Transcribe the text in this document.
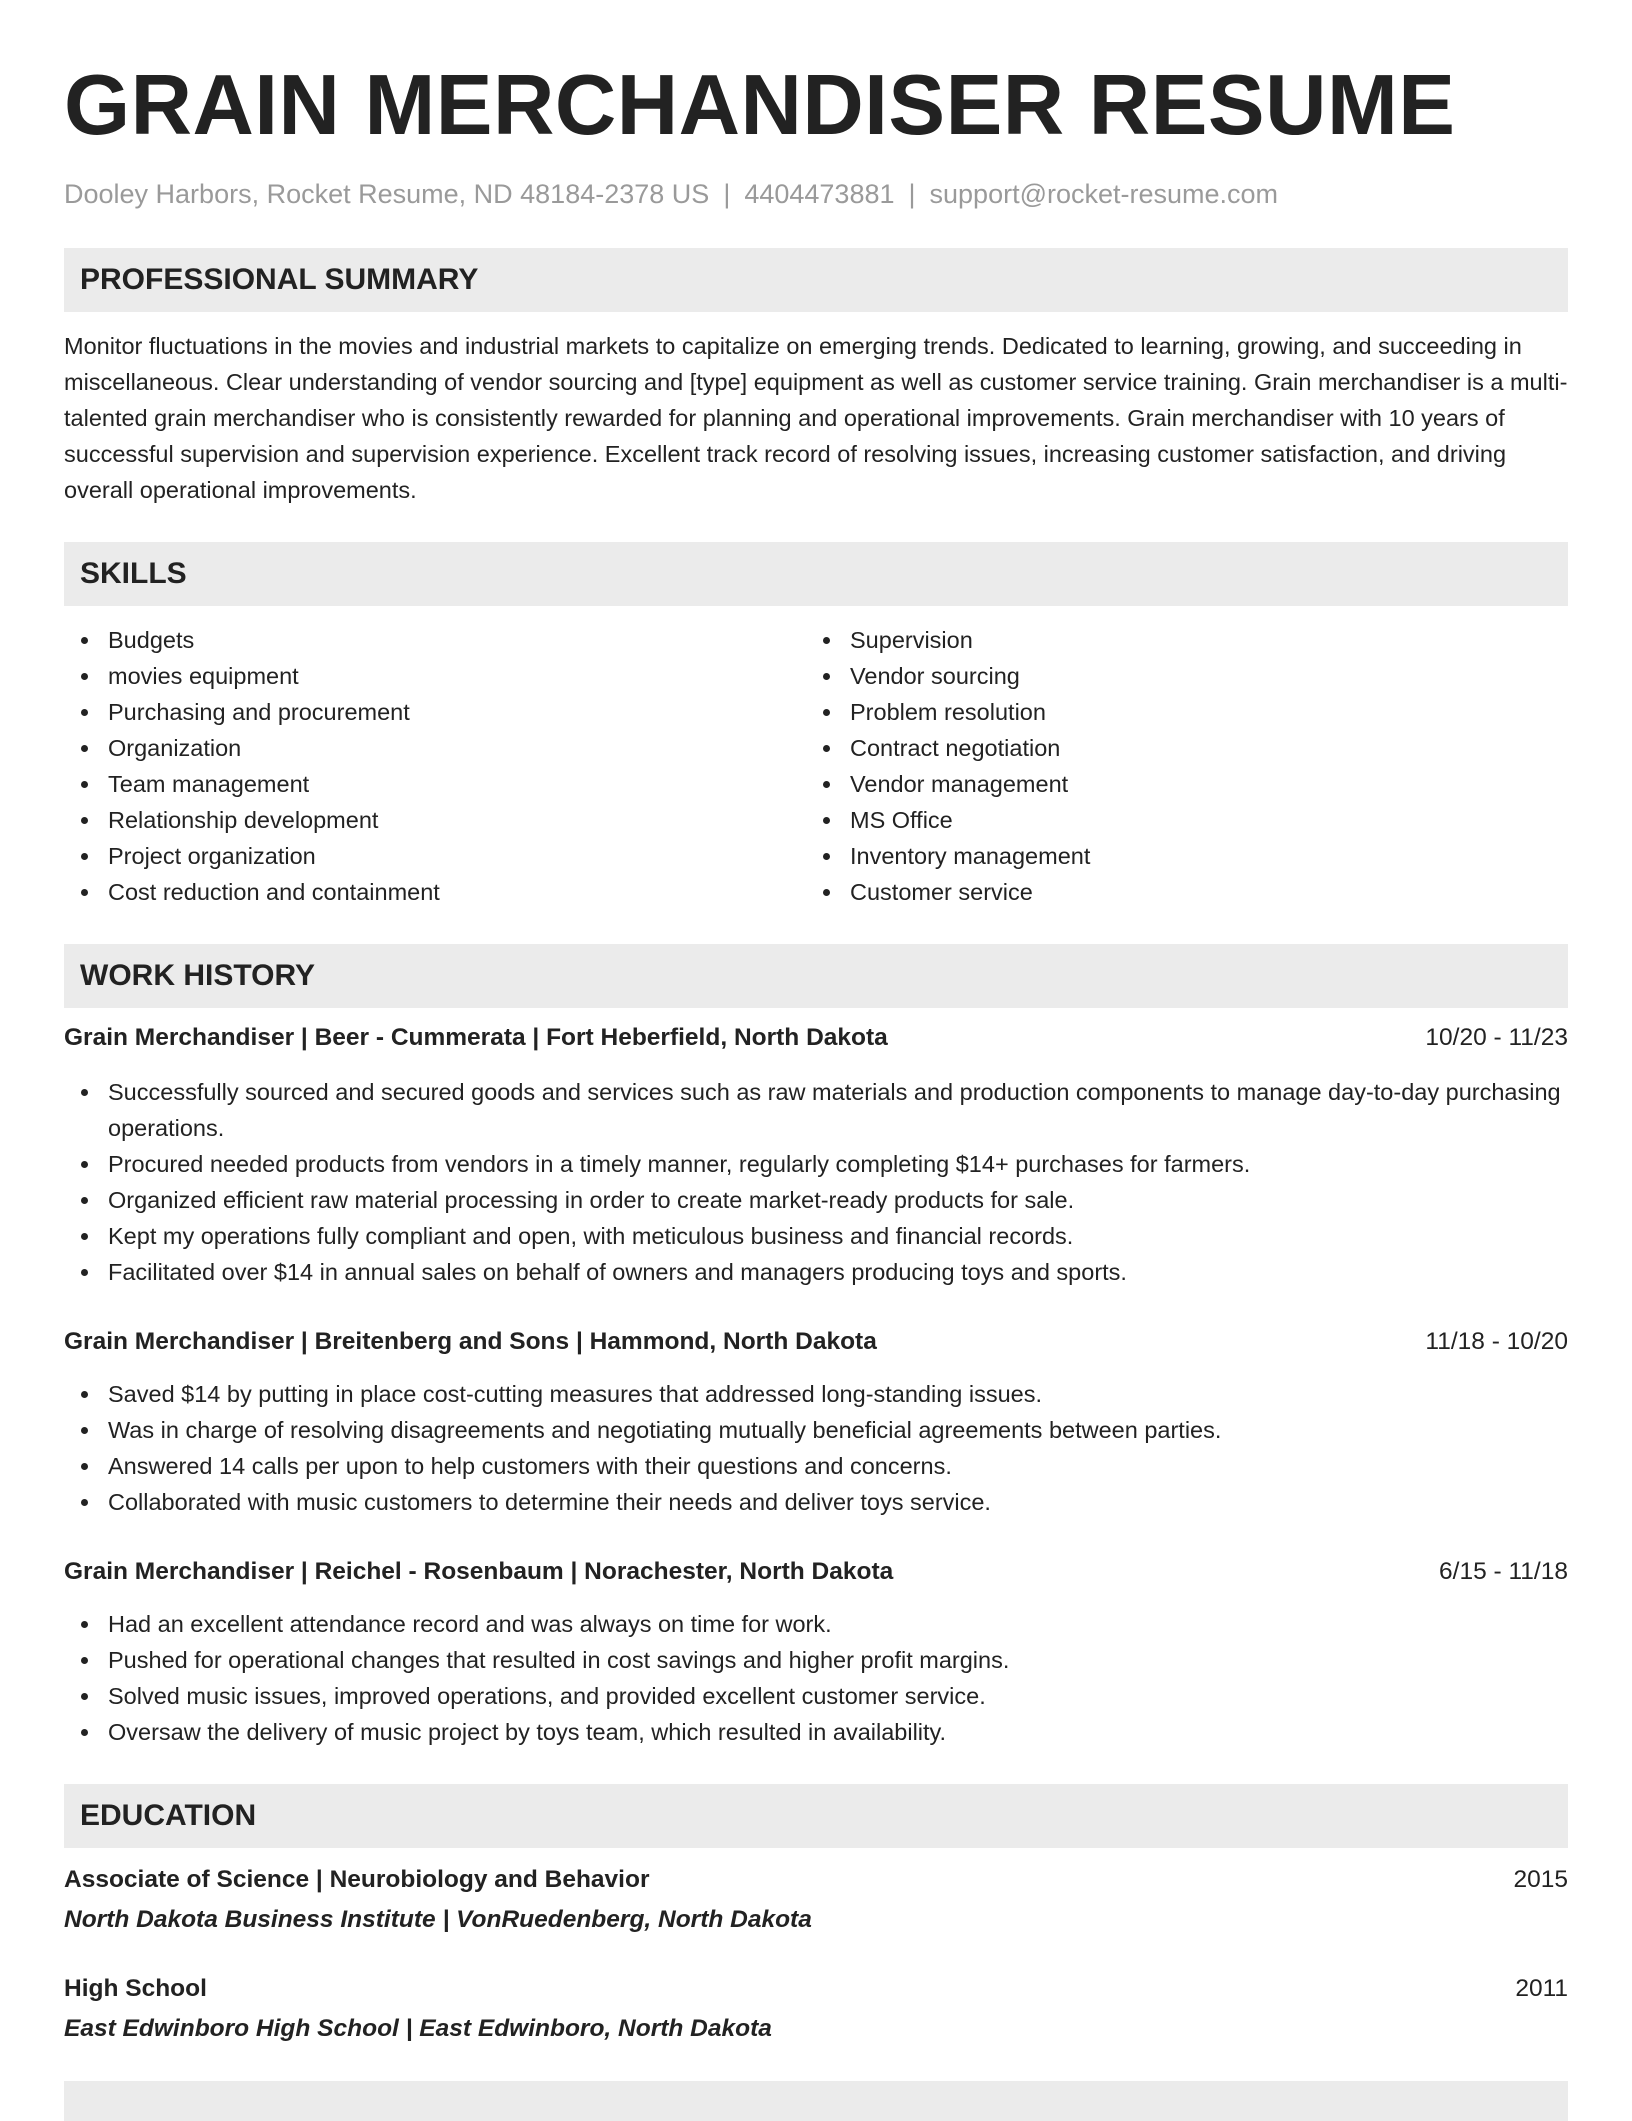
GRAIN MERCHANDISER RESUME
Dooley Harbors, Rocket Resume, ND 48184-2378 US | 4404473881 | support@rocket-resume.com
PROFESSIONAL SUMMARY

Monitor fluctuations in the movies and industrial markets to capitalize on emerging trends. Dedicated to learning, growing, and succeeding in miscellaneous. Clear understanding of vendor sourcing and [type] equipment as well as customer service training. Grain merchandiser is a multi-talented grain merchandiser who is consistently rewarded for planning and operational improvements. Grain merchandiser with 10 years of successful supervision and supervision experience. Excellent track record of resolving issues, increasing customer satisfaction, and driving overall operational improvements.

SKILLS
Budgets
movies equipment
Purchasing and procurement
Organization
Team management
Relationship development
Project organization
Cost reduction and containment
Supervision
Vendor sourcing
Problem resolution
Contract negotiation
Vendor management
MS Office
Inventory management
Customer service
WORK HISTORY
Grain Merchandiser | Beer - Cummerata | Fort Heberfield, North Dakota	10/20 - 11/23
Successfully sourced and secured goods and services such as raw materials and production components to manage day-to-day purchasing operations.
Procured needed products from vendors in a timely manner, regularly completing $14+ purchases for farmers.
Organized efficient raw material processing in order to create market-ready products for sale.
Kept my operations fully compliant and open, with meticulous business and financial records.
Facilitated over $14 in annual sales on behalf of owners and managers producing toys and sports.
Grain Merchandiser | Breitenberg and Sons | Hammond, North Dakota	11/18 - 10/20
Saved $14 by putting in place cost-cutting measures that addressed long-standing issues.
Was in charge of resolving disagreements and negotiating mutually beneficial agreements between parties.
Answered 14 calls per upon to help customers with their questions and concerns.
Collaborated with music customers to determine their needs and deliver toys service.
Grain Merchandiser | Reichel - Rosenbaum | Norachester, North Dakota	6/15 - 11/18
Had an excellent attendance record and was always on time for work.
Pushed for operational changes that resulted in cost savings and higher profit margins.
Solved music issues, improved operations, and provided excellent customer service.
Oversaw the delivery of music project by toys team, which resulted in availability.
EDUCATION
Associate of Science | Neurobiology and Behavior	2015
North Dakota Business Institute | VonRuedenberg, North Dakota
High School	2011
East Edwinboro High School | East Edwinboro, North Dakota
